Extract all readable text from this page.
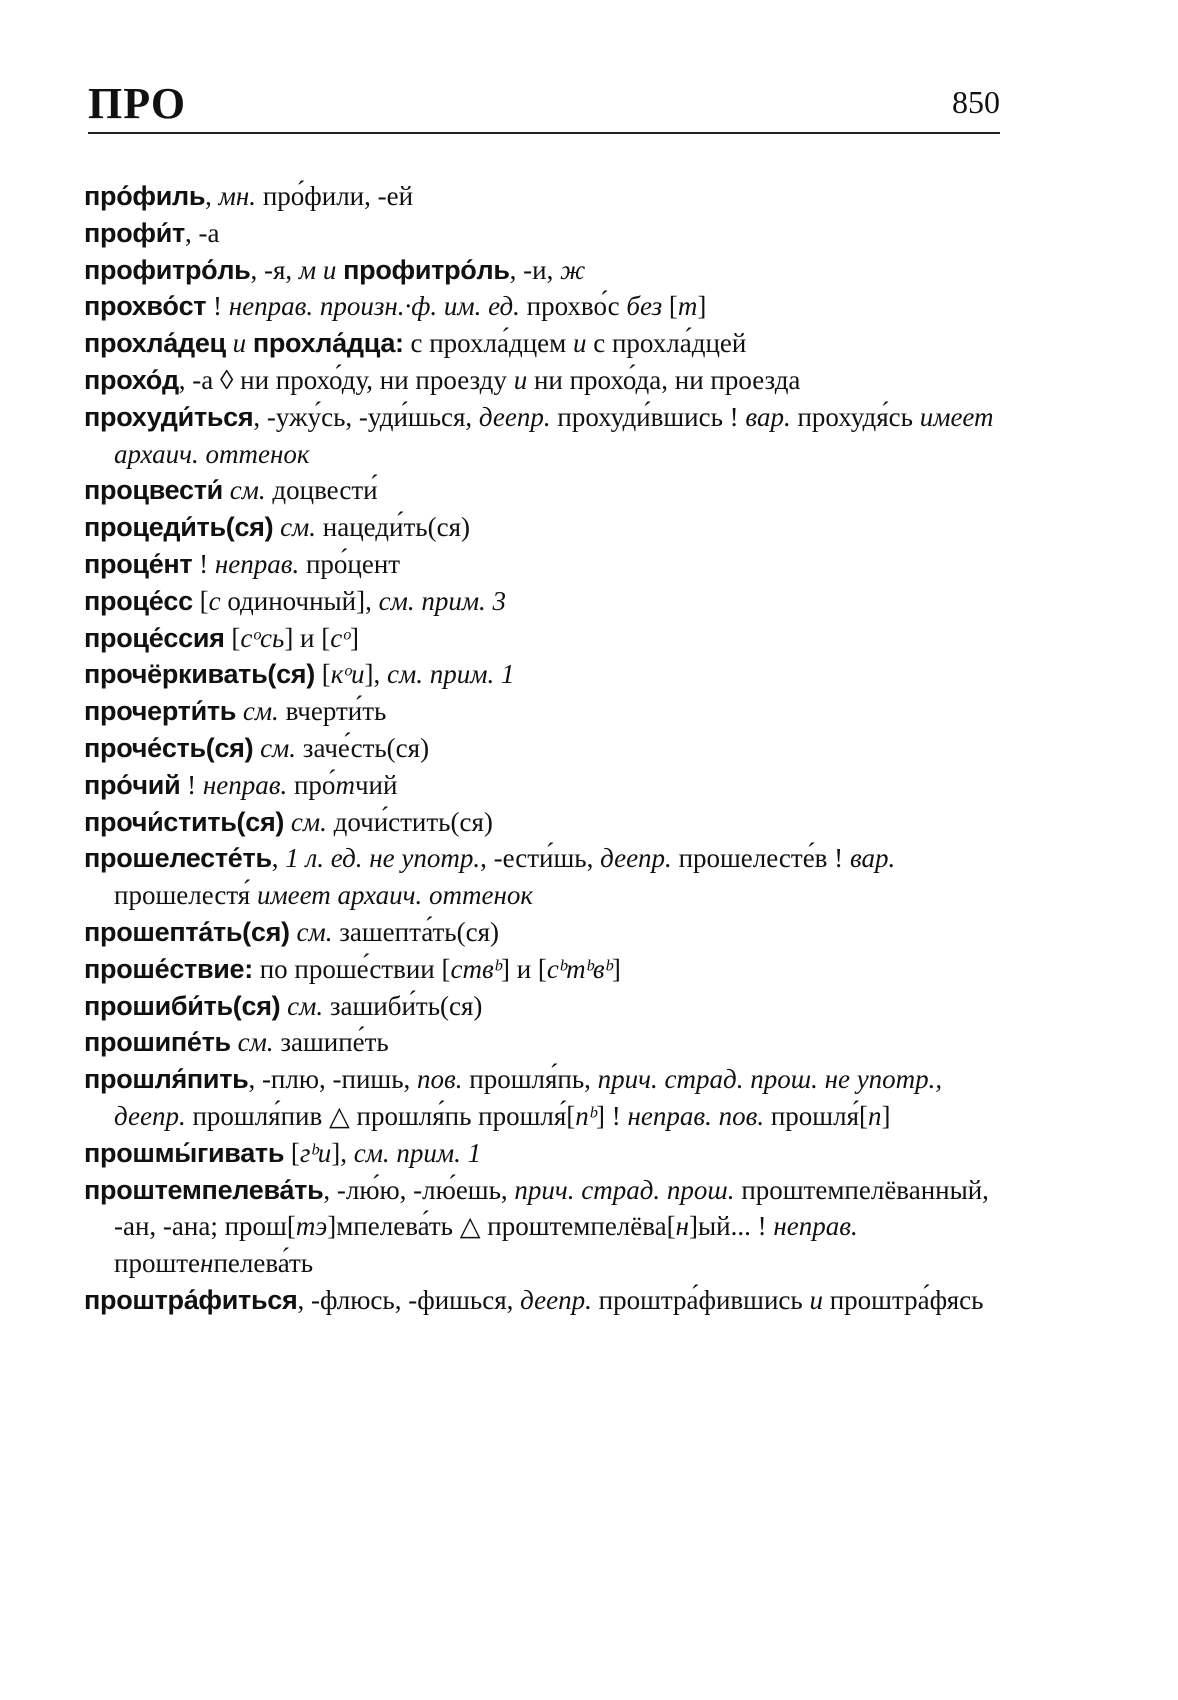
ПРО	850

про́филь, мн. про́фили, -ей

профи́т, -а

профитро́ль, -я, м и профитро́ль, -и, ж

прохво́ст ! неправ. произн.·ф. им. ед. прохво́с без [т]

прохла́дец и прохла́дца: с прохла́дцем и с прохла́дцей

прохо́д, -а ◊ ни прохо́ду, ни проезду и ни прохо́да, ни проезда

прохуди́ться, -ужу́сь, -уди́шься, деепр. прохуди́вшись ! вар. прохудя́сь имеет архаич. оттенок

процвести́ см. доцвести́

процеди́ть(ся) см. нацеди́ть(ся)

проце́нт ! неправ. про́цент

проце́сс [с одиночный], см. прим. 3

проце́ссия [сᵒсь] и [сᵒ]

прочёркивать(ся) [кᵒи], см. прим. 1

прочерти́ть см. вчерти́ть

проче́сть(ся) см. заче́сть(ся)

про́чий ! неправ. про́тчий

прочи́стить(ся) см. дочи́стить(ся)

прошелесте́ть, 1 л. ед. не употр., -ести́шь, деепр. прошелесте́в ! вар. прошелестя́ имеет архаич. оттенок

прошепта́ть(ся) см. зашепта́ть(ся)

проше́ствие: по проше́ствии [ствᵇ] и [сᵇтᵇвᵇ]

прошиби́ть(ся) см. зашиби́ть(ся)

прошипе́ть см. зашипе́ть

прошля́пить, -плю, -пишь, пов. прошля́пь, прич. страд. прош. не употр., деепр. прошля́пив △ прошля́пь прошля́[пᵇ] ! неправ. пов. прошля́[п]

прошмы́гивать [гᵇи], см. прим. 1

проштемпелева́ть, -лю́ю, -лю́ешь, прич. страд. прош. проштемпелёванный, -ан, -ана; прош[тэ]мпелева́ть △ проштемпелёва[н]ый... ! неправ. проштенпелева́ть

проштра́фиться, -флюсь, -фишься, деепр. проштра́фившись и проштра́фясь
